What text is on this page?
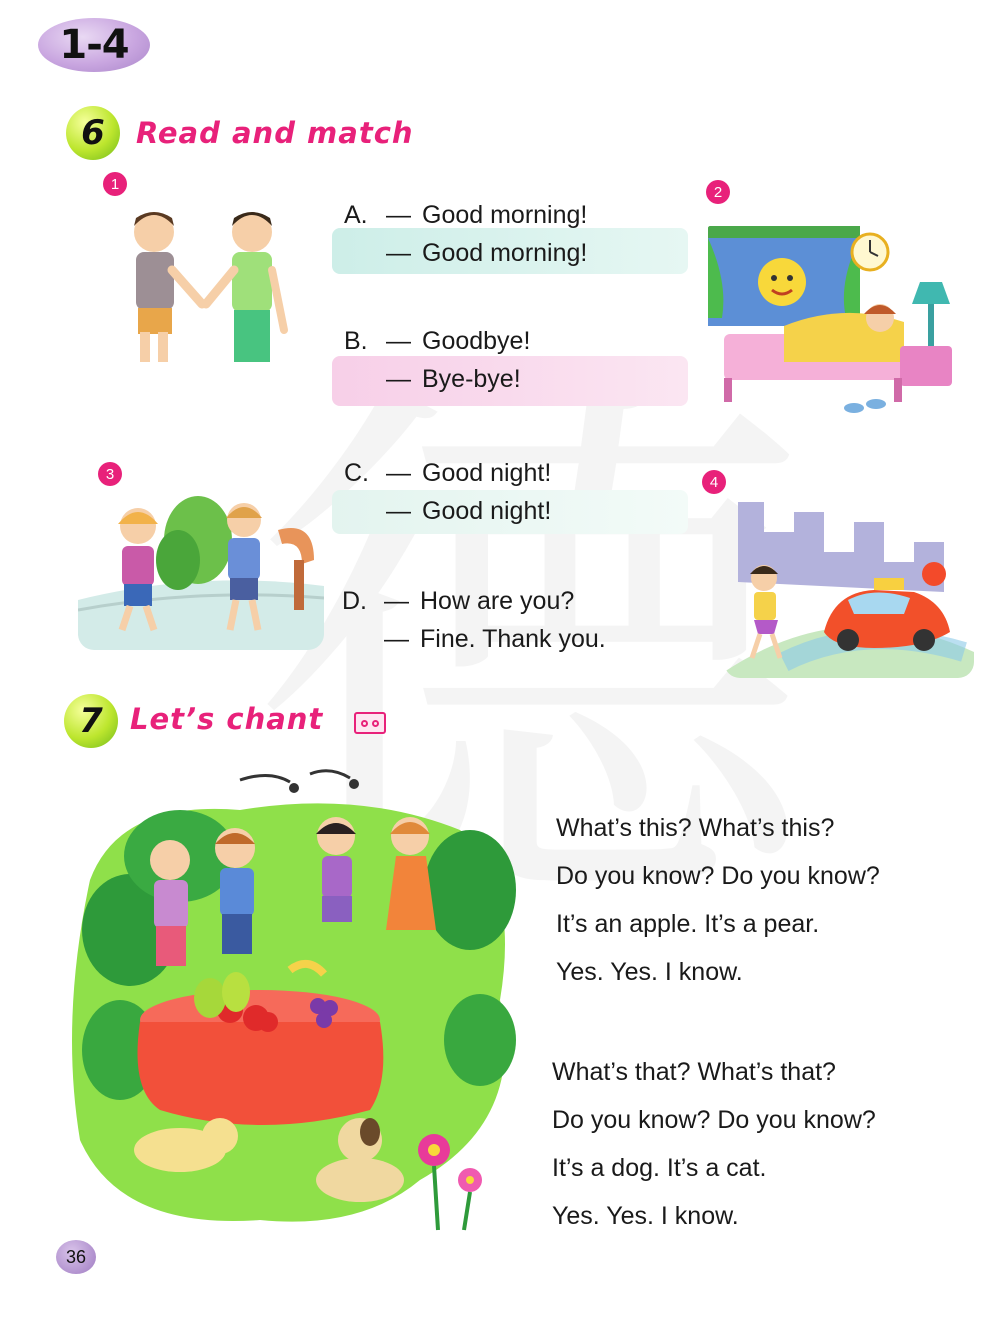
1-4
6	Read and match
1	2
3	4
A. — Good morning!
— Good morning!
B. — Goodbye!
— Bye-bye!
C. — Good night!
— Good night!
D. — How are you?
— Fine. Thank you.
7 Let’s chant
What’s this? What’s this?
Do you know? Do you know?
It’s an apple. It’s a pear.
Yes. Yes. I know.
What’s that? What’s that?
Do you know? Do you know?
It’s a dog. It’s a cat.
Yes. Yes. I know.
36
